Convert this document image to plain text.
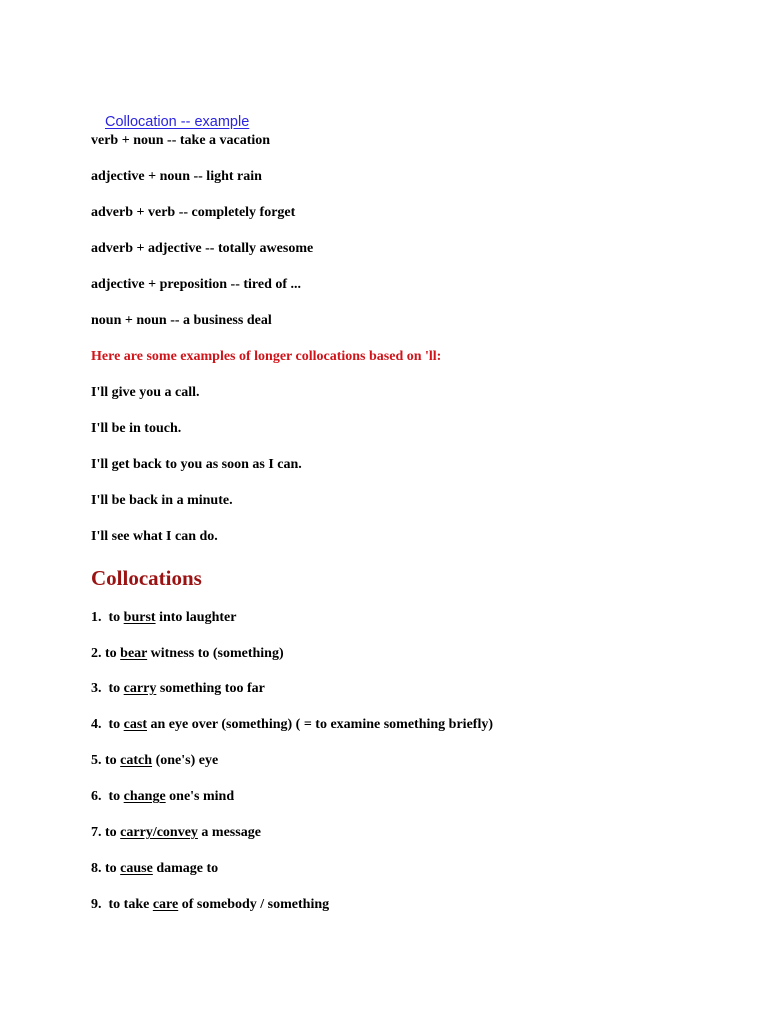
Collocation -- example

verb + noun -- take a vacation
adjective + noun -- light rain
adverb + verb -- completely forget
adverb + adjective -- totally awesome
adjective + preposition -- tired of ...
noun + noun -- a business deal
Here are some examples of longer collocations based on 'll:
I'll give you a call.
I'll be in touch.
I'll get back to you as soon as I can.
I'll be back in a minute.
I'll see what I can do.
Collocations
1.  to burst into laughter
2. to bear witness to (something)
3.  to carry something too far
4.  to cast an eye over (something) ( = to examine something briefly)
5. to catch (one's) eye
6.  to change one's mind
7. to carry/convey a message
8. to cause damage to
9.  to take care of somebody / something
